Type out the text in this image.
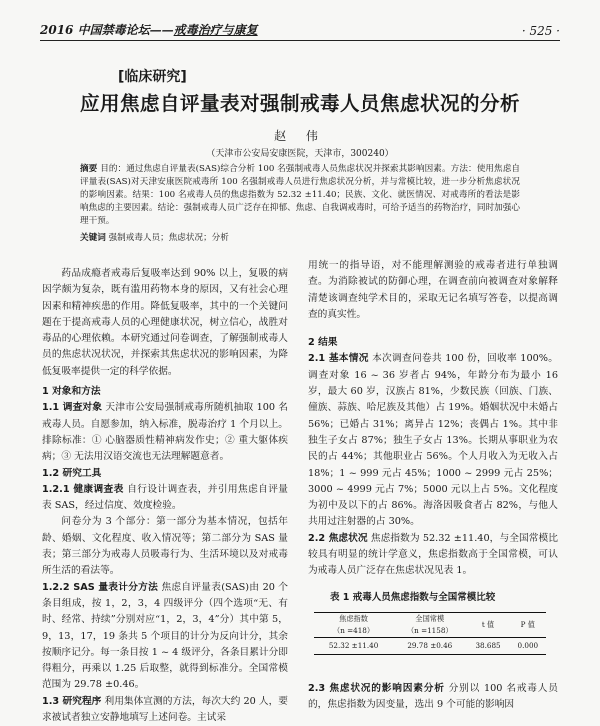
2016 中国禁毒论坛——戒毒治疗与康复	· 525 ·
[临床研究]
应用焦虑自评量表对强制戒毒人员焦虑状况的分析
赵 伟
（天津市公安局安康医院，天津市，300240）
摘要 目的：通过焦虑自评量表(SAS)综合分析 100 名强制戒毒人员焦虑状况并探索其影响因素。方法：使用焦虑自评量表(SAS)对天津安康医院戒毒所 100 名强制戒毒人员进行焦虑状况分析，并与常模比较，进一步分析焦虑状况的影响因素。结果：100 名戒毒人员的焦虑指数为 52.32 ±11.40；民族、文化、就医情况、对戒毒所的看法是影响焦虑的主要因素。结论：强制戒毒人员广泛存在抑郁、焦虑、自我调戒毒时，可给予适当的药物治疗，同时加强心理干预。
关键词 强制戒毒人员；焦虑状况；分析

药品成瘾者戒毒后复吸率达到 90% 以上，复吸的病因学颇为复杂，既有滥用药物本身的原因，又有社会心理因素和精神疾患的作用。降低复吸率，其中的一个关键问题在于提高戒毒人员的心理健康状况，树立信心，战胜对毒品的心理依赖。本研究通过问卷调查，了解强制戒毒人员的焦虑状况状况，并探索其焦虑状况的影响因素，为降低复吸率提供一定的科学依据。

1 对象和方法

1.1 调查对象 天津市公安局强制戒毒所随机抽取 100 名戒毒人员。自愿参加，纳入标准，脱毒治疗 1 个月以上。排除标准：① 心脑器质性精神病发作史；② 重大躯体疾病；③ 无法用汉语交流也无法理解题意者。

1.2 研究工具

1.2.1 健康调查表 自行设计调查表，并引用焦虑自评量表 SAS，经过信度、效度检验。

问卷分为 3 个部分：第一部分为基本情况，包括年龄、婚姻、文化程度、收入情况等；第二部分为 SAS 量表；第三部分为戒毒人员吸毒行为、生活环境以及对戒毒所生活的看法等。

1.2.2 SAS 量表计分方法 焦虑自评量表(SAS)由 20 个条目组成，按 1，2，3，4 四级评分（四个选项“无、有时、经常、持续”分别对应“1，2，3，4”分）其中第 5，9，13，17，19 条共 5 个项目的计分为反向计分，其余按顺序记分。每一条目按 1 ~ 4 级评分，各条目累计分即得粗分，再乘以 1.25 后取整，就得到标准分。全国常模范围为 29.78 ±0.46。

1.3 研究程序 利用集体宣测的方法，每次大约 20 人，要求被试者独立安静地填写上述问卷。主试采

用统一的指导语，对不能理解测验的戒毒者进行单独调查。为消除被试的防御心理，在调查前向被调查对象解释清楚该调查纯学术目的，采取无记名填写答卷，以提高调查的真实性。

2 结果

2.1 基本情况 本次调查问卷共 100 份，回收率 100%。调查对象 16 ~ 36 岁者占 94%，年龄分布为最小 16 岁，最大 60 岁，汉族占 81%，少数民族（回族、门族、僮族、蒜族、哈尼族及其他）占 19%。婚姻状况中未婚占 56%；已婚占 31%；离异占 12%；丧偶占 1%。其中非独生子女占 87%；独生子女占 13%。长期从事职业为农民的占 44%；其他职业占 56%。个人月收入为无收入占 18%；1 ~ 999 元占 45%；1000 ~ 2999 元占 25%；3000 ~ 4999 元占 7%；5000 元以上占 5%。文化程度为初中及以下的占 86%。海洛因吸食者占 82%，与他人共用过注射器的占 30%。

2.2 焦虑状况 焦虑指数为 52.32 ±11.40，与全国常模比较具有明显的统计学意义，焦虑指数高于全国常模，可认为戒毒人员广泛存在焦虑状况见表 1。

表 1 戒毒人员焦虑指数与全国常模比较
焦虑指数	全国常模	t 值	P 值
（n =418）	（n =1158）		
52.32 ±11.40	29.78 ±0.46	38.685	0.000

2.3 焦虑状况的影响因素分析 分别以 100 名戒毒人员的，焦虑指数为因变量，选出 9 个可能的影响因
